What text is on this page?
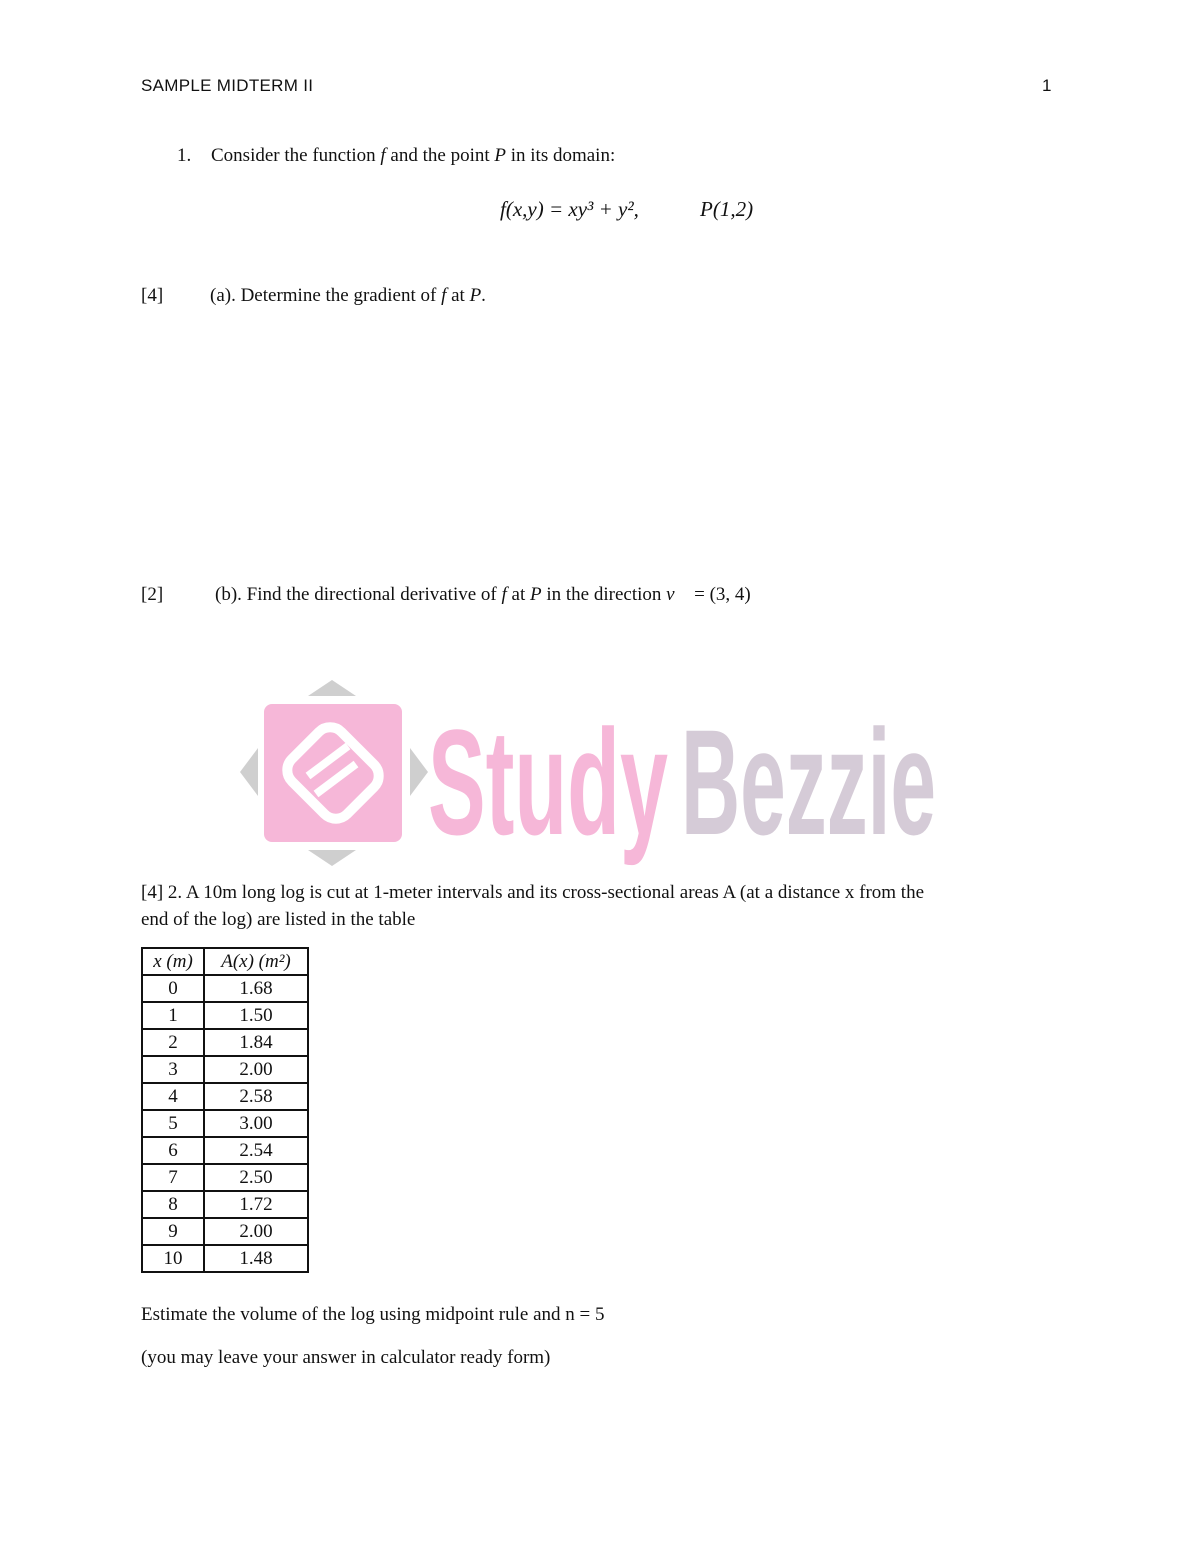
SAMPLE MIDTERM II	1
1. Consider the function f and the point P in its domain:
f(x,y) = xy³ + y²,	P(1,2)
[4] (a). Determine the gradient of f at P.
[2]	(b). Find the directional derivative of f at P in the direction v⃗ = (3, 4)
Study Bezzie
[4] 2. A 10m long log is cut at 1-meter intervals and its cross-sectional areas A (at a distance x from the
end of the log) are listed in the table
x (m)	A(x) (m²)
0	1.68
1	1.50
2	1.84
3	2.00
4	2.58
5	3.00
6	2.54
7	2.50
8	1.72
9	2.00
10	1.48
Estimate the volume of the log using midpoint rule and n = 5
(you may leave your answer in calculator ready form)
